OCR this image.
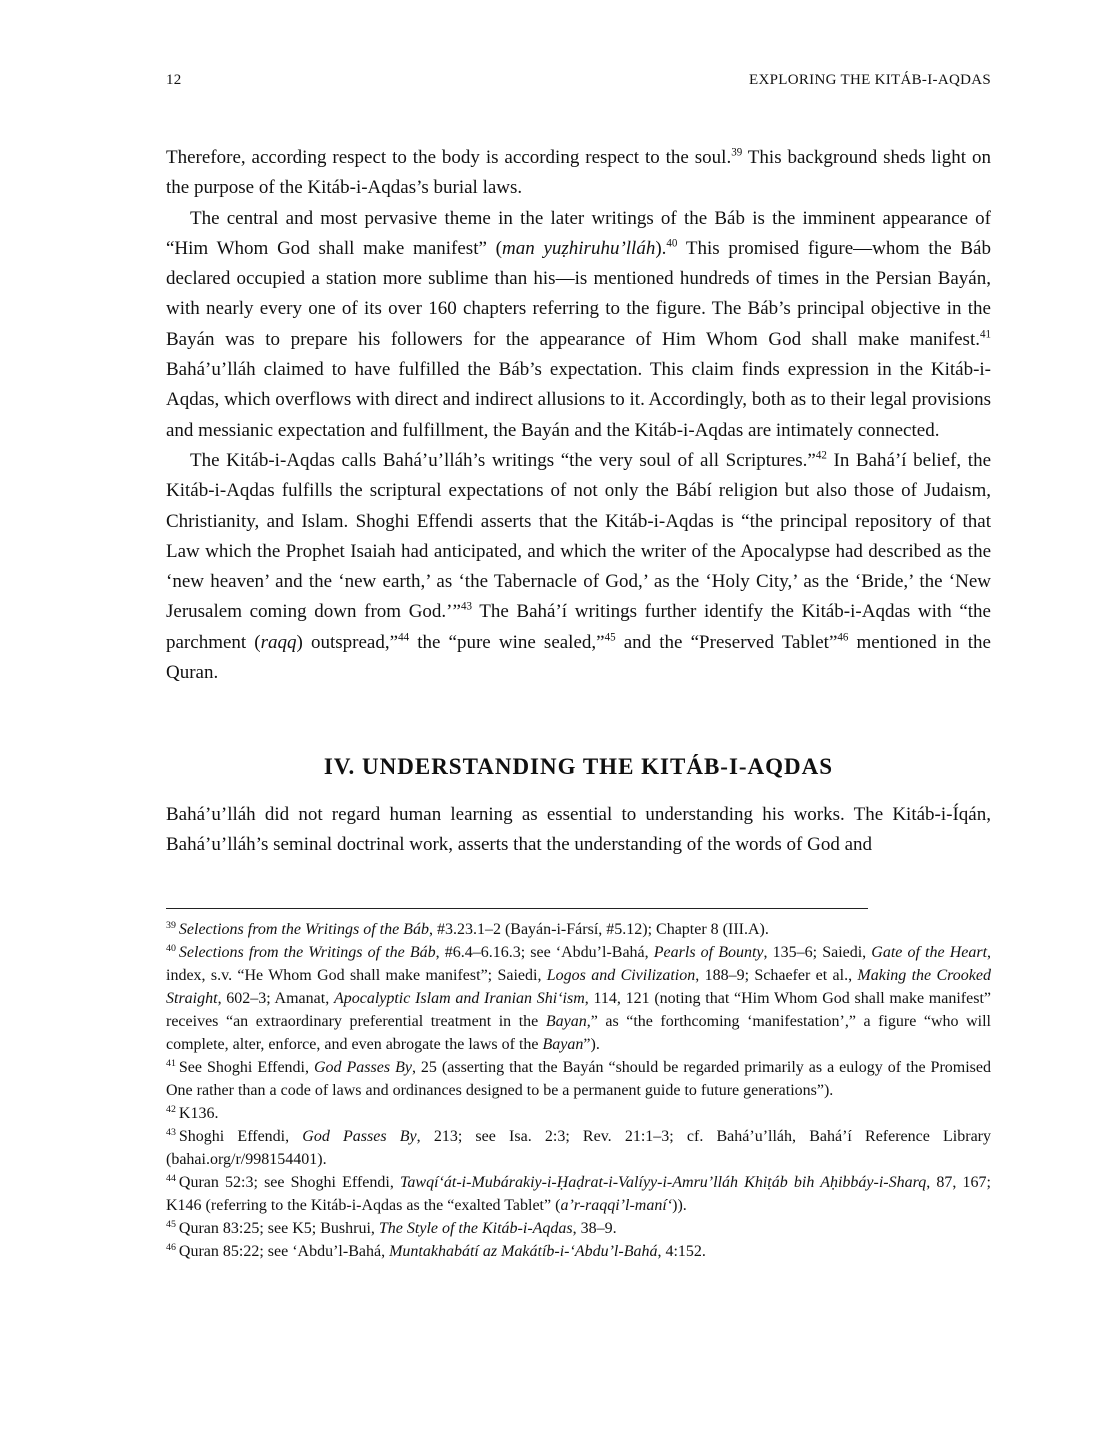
12	EXPLORING THE KITÁB-I-AQDAS

Therefore, according respect to the body is according respect to the soul.$^{39}$ This background sheds light on the purpose of the Kitáb-i-Aqdas’s burial laws.

The central and most pervasive theme in the later writings of the Báb is the imminent appearance of “Him Whom God shall make manifest” (man yuẓhiruhu’lláh).$^{40}$ This promised figure—whom the Báb declared occupied a station more sublime than his—is mentioned hundreds of times in the Persian Bayán, with nearly every one of its over 160 chapters referring to the figure. The Báb’s principal objective in the Bayán was to prepare his followers for the appearance of Him Whom God shall make manifest.$^{41}$ Bahá’u’lláh claimed to have fulfilled the Báb’s expectation. This claim finds expression in the Kitáb-i-Aqdas, which overflows with direct and indirect allusions to it. Accordingly, both as to their legal provisions and messianic expectation and fulfillment, the Bayán and the Kitáb-i-Aqdas are intimately connected.

The Kitáb-i-Aqdas calls Bahá’u’lláh’s writings “the very soul of all Scriptures.”$^{42}$ In Bahá’í belief, the Kitáb-i-Aqdas fulfills the scriptural expectations of not only the Bábí religion but also those of Judaism, Christianity, and Islam. Shoghi Effendi asserts that the Kitáb-i-Aqdas is “the principal repository of that Law which the Prophet Isaiah had anticipated, and which the writer of the Apocalypse had described as the ‘new heaven’ and the ‘new earth,’ as ‘the Tabernacle of God,’ as the ‘Holy City,’ as the ‘Bride,’ the ‘New Jerusalem coming down from God.’”$^{43}$ The Bahá’í writings further identify the Kitáb-i-Aqdas with “the parchment (raqq) outspread,”$^{44}$ the “pure wine sealed,”$^{45}$ and the “Preserved Tablet”$^{46}$ mentioned in the Quran.

IV. UNDERSTANDING THE KITÁB-I-AQDAS

Bahá’u’lláh did not regard human learning as essential to understanding his works. The Kitáb-i-Íqán, Bahá’u’lláh’s seminal doctrinal work, asserts that the understanding of the words of God and

$^{39}$ Selections from the Writings of the Báb, #3.23.1–2 (Bayán-i-Fársí, #5.12); Chapter 8 (III.A).

$^{40}$ Selections from the Writings of the Báb, #6.4–6.16.3; see ‘Abdu’l-Bahá, Pearls of Bounty, 135–6; Saiedi, Gate of the Heart, index, s.v. “He Whom God shall make manifest”; Saiedi, Logos and Civilization, 188–9; Schaefer et al., Making the Crooked Straight, 602–3; Amanat, Apocalyptic Islam and Iranian Shi‘ism, 114, 121 (noting that “Him Whom God shall make manifest” receives “an extraordinary preferential treatment in the Bayan,” as “the forthcoming ‘manifestation’,” a figure “who will complete, alter, enforce, and even abrogate the laws of the Bayan”).

$^{41}$ See Shoghi Effendi, God Passes By, 25 (asserting that the Bayán “should be regarded primarily as a eulogy of the Promised One rather than a code of laws and ordinances designed to be a permanent guide to future generations”).

$^{42}$ K136.

$^{43}$ Shoghi Effendi, God Passes By, 213; see Isa. 2:3; Rev. 21:1–3; cf. Bahá’u’lláh, Bahá’í Reference Library (bahai.org/r/998154401).

$^{44}$ Quran 52:3; see Shoghi Effendi, Tawqí‘át-i-Mubárakiy-i-Ḥaḍrat-i-Valíyy-i-Amru’lláh Khiṭáb bih Aḥibbáy-i-Sharq, 87, 167; K146 (referring to the Kitáb-i-Aqdas as the “exalted Tablet” (a’r-raqqi’l-maní‘)).

$^{45}$ Quran 83:25; see K5; Bushrui, The Style of the Kitáb-i-Aqdas, 38–9.

$^{46}$ Quran 85:22; see ‘Abdu’l-Bahá, Muntakhabátí az Makátíb-i-‘Abdu’l-Bahá, 4:152.
